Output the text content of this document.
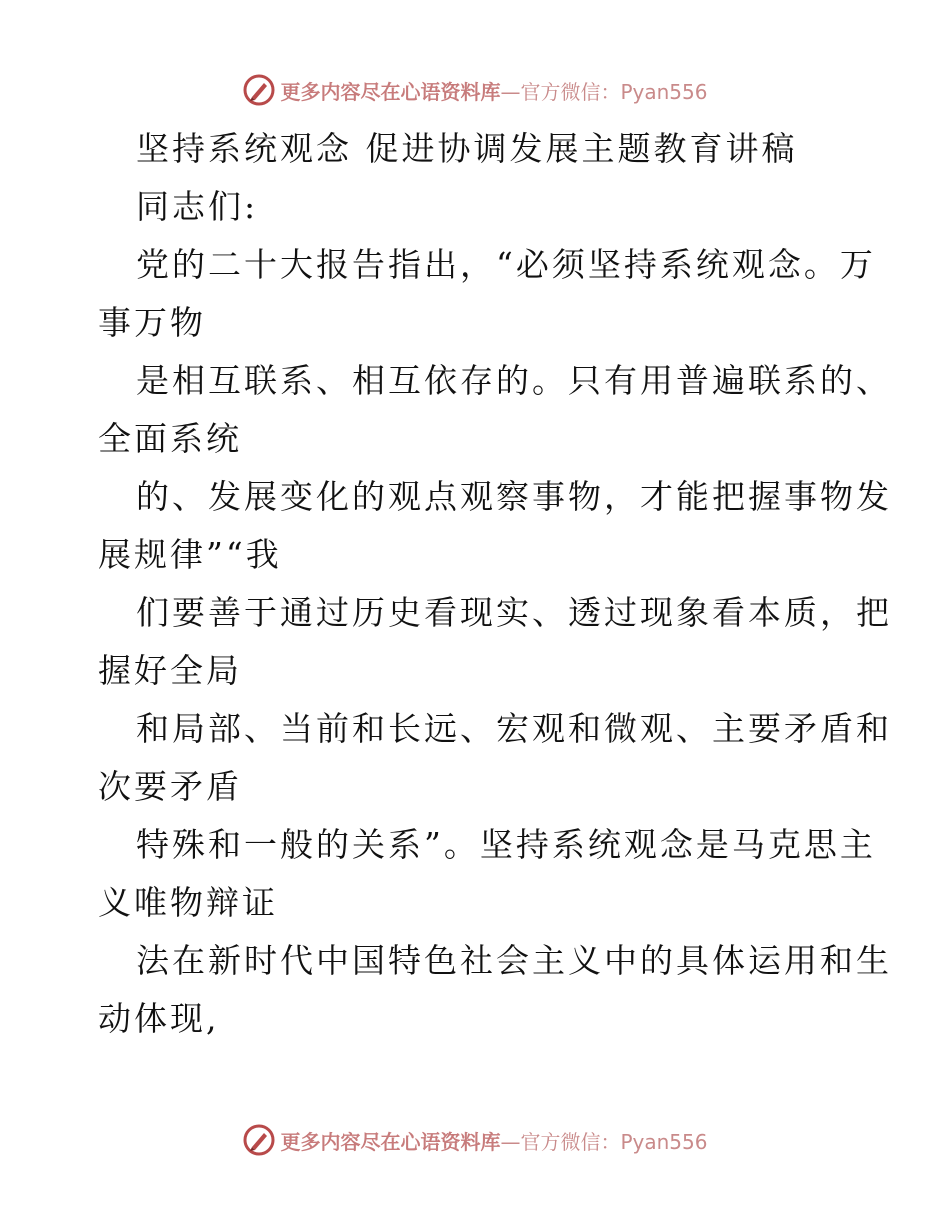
更多内容尽在心语资料库—官方微信：Pyan556
坚持系统观念 促进协调发展主题教育讲稿
同志们:
党的二十大报告指出，“必须坚持系统观念。万
事万物
是相互联系、相互依存的。只有用普遍联系的、
全面系统
的、发展变化的观点观察事物，才能把握事物发
展规律”“我
们要善于通过历史看现实、透过现象看本质，把
握好全局
和局部、当前和长远、宏观和微观、主要矛盾和
次要矛盾
特殊和一般的关系”。坚持系统观念是马克思主
义唯物辩证
法在新时代中国特色社会主义中的具体运用和生
动体现,
更多内容尽在心语资料库—官方微信：Pyan556
